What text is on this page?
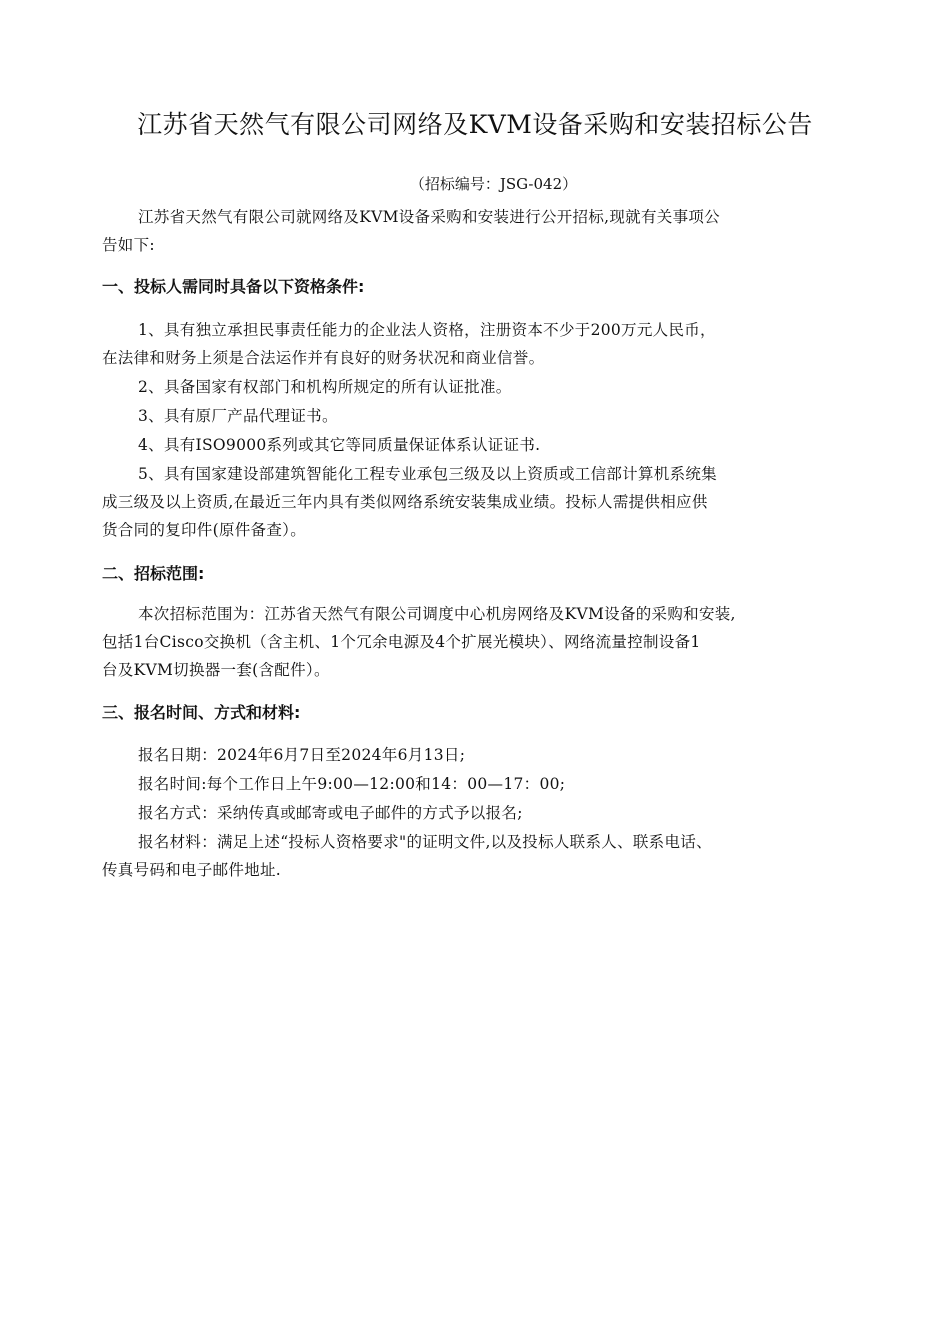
江苏省天然气有限公司网络及KVM设备采购和安装招标公告
（招标编号：JSG-042）
江苏省天然气有限公司就网络及KVM设备采购和安装进行公开招标,现就有关事项公
告如下:
一、投标人需同时具备以下资格条件:
1、具有独立承担民事责任能力的企业法人资格，注册资本不少于200万元人民币，
在法律和财务上须是合法运作并有良好的财务状况和商业信誉。
2、具备国家有权部门和机构所规定的所有认证批准。
3、具有原厂产品代理证书。
4、具有ISO9000系列或其它等同质量保证体系认证证书.
5、具有国家建设部建筑智能化工程专业承包三级及以上资质或工信部计算机系统集
成三级及以上资质,在最近三年内具有类似网络系统安装集成业绩。投标人需提供相应供
货合同的复印件(原件备查）。
二、招标范围:
本次招标范围为：江苏省天然气有限公司调度中心机房网络及KVM设备的采购和安装,
包括1台Cisco交换机（含主机、1个冗余电源及4个扩展光模块）、网络流量控制设备1
台及KVM切换器一套(含配件）。
三、报名时间、方式和材料:
报名日期：2024年6月7日至2024年6月13日;
报名时间:每个工作日上午9:00—12:00和14：00—17：00;
报名方式：采纳传真或邮寄或电子邮件的方式予以报名;
报名材料：满足上述“投标人资格要求"的证明文件,以及投标人联系人、联系电话、
传真号码和电子邮件地址.
